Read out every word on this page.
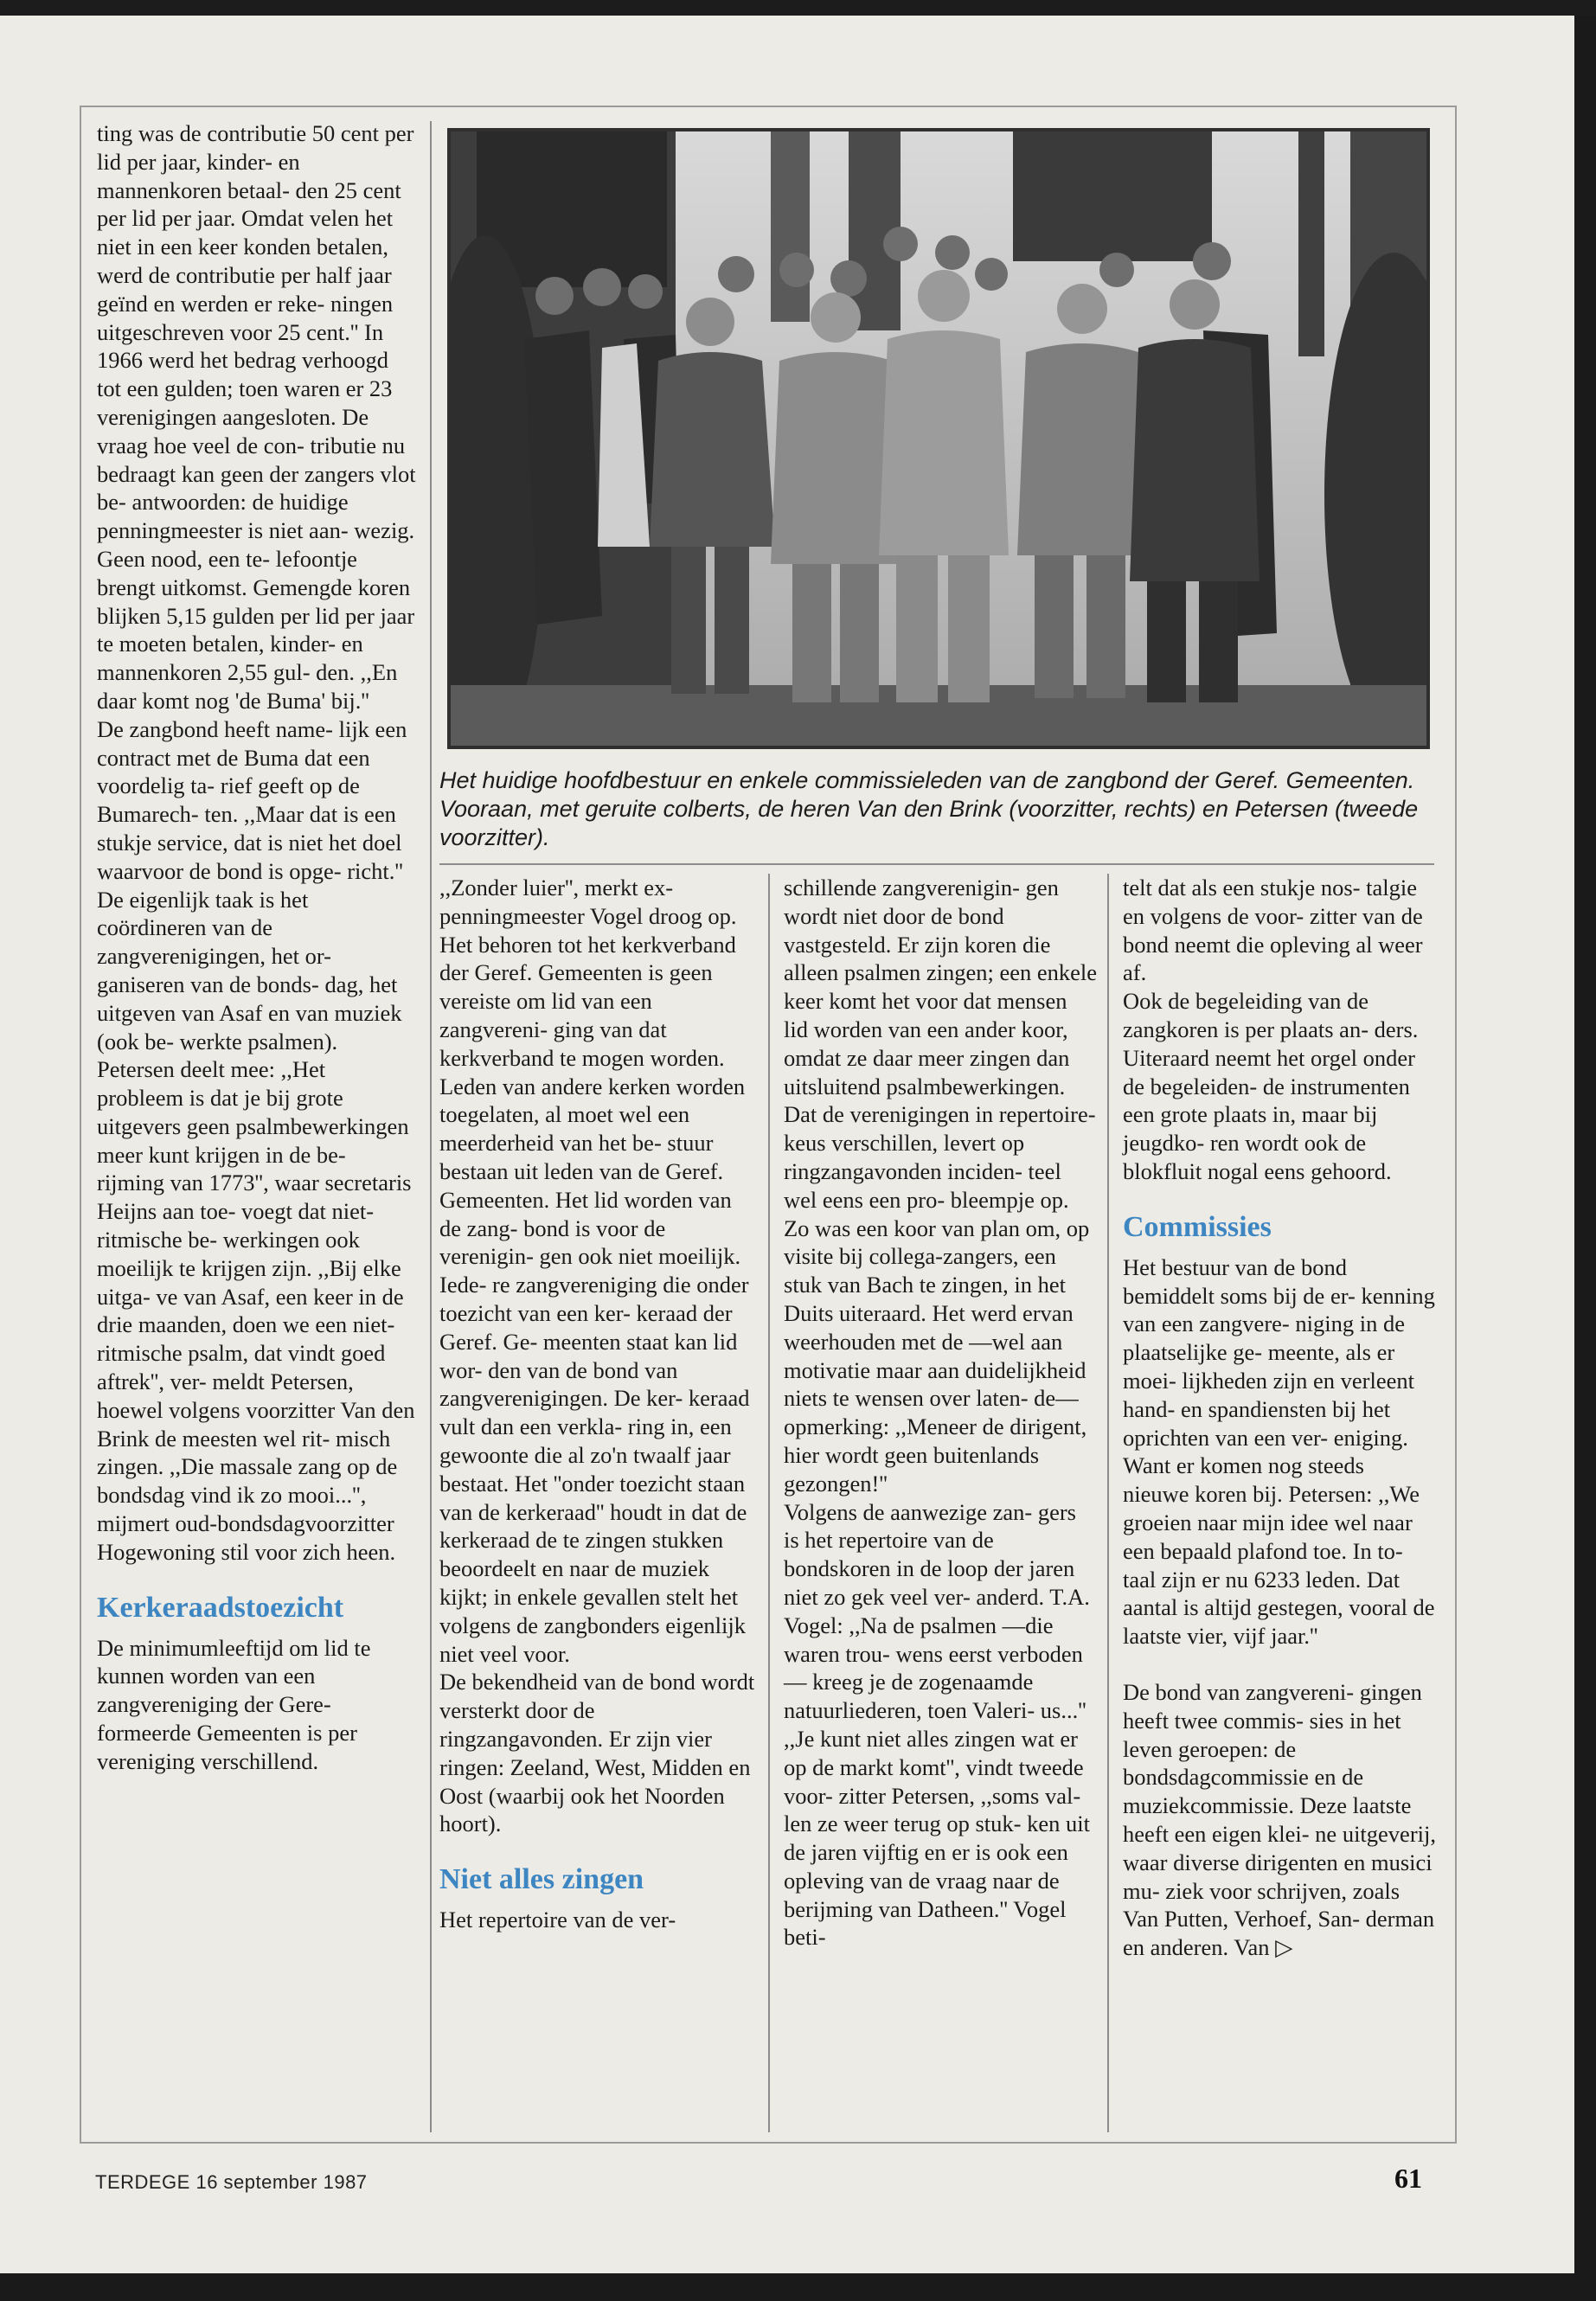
ting was de contributie 50 cent per lid per jaar, kinder- en mannenkoren betaal- den 25 cent per lid per jaar. Omdat velen het niet in een keer konden betalen, werd de contributie per half jaar geïnd en werden er reke- ningen uitgeschreven voor 25 cent.'' In 1966 werd het bedrag verhoogd tot een gulden; toen waren er 23 verenigingen aangesloten. De vraag hoe veel de con- tributie nu bedraagt kan geen der zangers vlot be- antwoorden: de huidige penningmeester is niet aan- wezig. Geen nood, een te- lefoontje brengt uitkomst. Gemengde koren blijken 5,15 gulden per lid per jaar te moeten betalen, kinder- en mannenkoren 2,55 gul- den. ,,En daar komt nog 'de Buma' bij.''

De zangbond heeft name- lijk een contract met de Buma dat een voordelig ta- rief geeft op de Bumarech- ten. ,,Maar dat is een stukje service, dat is niet het doel waarvoor de bond is opge- richt.'' De eigenlijk taak is het coördineren van de zangverenigingen, het or- ganiseren van de bonds- dag, het uitgeven van Asaf en van muziek (ook be- werkte psalmen). Petersen deelt mee: ,,Het probleem is dat je bij grote uitgevers geen psalmbewerkingen meer kunt krijgen in de be- rijming van 1773'', waar secretaris Heijns aan toe- voegt dat niet-ritmische be- werkingen ook moeilijk te krijgen zijn. ,,Bij elke uitga- ve van Asaf, een keer in de drie maanden, doen we een niet-ritmische psalm, dat vindt goed aftrek'', ver- meldt Petersen, hoewel volgens voorzitter Van den Brink de meesten wel rit- misch zingen. ,,Die massale zang op de bondsdag vind ik zo mooi...'', mijmert oud-bondsdagvoorzitter Hogewoning stil voor zich heen.

Kerkeraadstoezicht

De minimumleeftijd om lid te kunnen worden van een zangvereniging der Gere- formeerde Gemeenten is per vereniging verschillend.

,,Zonder luier'', merkt ex- penningmeester Vogel droog op. Het behoren tot het kerkverband der Geref. Gemeenten is geen vereiste om lid van een zangvereni- ging van dat kerkverband te mogen worden. Leden van andere kerken worden toegelaten, al moet wel een meerderheid van het be- stuur bestaan uit leden van de Geref. Gemeenten. Het lid worden van de zang- bond is voor de verenigin- gen ook niet moeilijk. Iede- re zangvereniging die onder toezicht van een ker- keraad der Geref. Ge- meenten staat kan lid wor- den van de bond van zangverenigingen. De ker- keraad vult dan een verkla- ring in, een gewoonte die al zo'n twaalf jaar bestaat. Het ''onder toezicht staan van de kerkeraad'' houdt in dat de kerkeraad de te zingen stukken beoordeelt en naar de muziek kijkt; in enkele gevallen stelt het volgens de zangbonders eigenlijk niet veel voor.

De bekendheid van de bond wordt versterkt door de ringzangavonden. Er zijn vier ringen: Zeeland, West, Midden en Oost (waarbij ook het Noorden hoort).

Niet alles zingen

Het repertoire van de ver-

schillende zangverenigin- gen wordt niet door de bond vastgesteld. Er zijn koren die alleen psalmen zingen; een enkele keer komt het voor dat mensen lid worden van een ander koor, omdat ze daar meer zingen dan uitsluitend psalmbewerkingen. Dat de verenigingen in repertoire- keus verschillen, levert op ringzangavonden inciden- teel wel eens een pro- bleempje op. Zo was een koor van plan om, op visite bij collega-zangers, een stuk van Bach te zingen, in het Duits uiteraard. Het werd ervan weerhouden met de —wel aan motivatie maar aan duidelijkheid niets te wensen over laten- de— opmerking: ,,Meneer de dirigent, hier wordt geen buitenlands gezongen!''

Volgens de aanwezige zan- gers is het repertoire van de bondskoren in de loop der jaren niet zo gek veel ver- anderd. T.A. Vogel: ,,Na de psalmen —die waren trou- wens eerst verboden— kreeg je de zogenaamde natuurliederen, toen Valeri- us...'' ,,Je kunt niet alles zingen wat er op de markt komt'', vindt tweede voor- zitter Petersen, ,,soms val- len ze weer terug op stuk- ken uit de jaren vijftig en er is ook een opleving van de vraag naar de berijming van Datheen.'' Vogel beti-

telt dat als een stukje nos- talgie en volgens de voor- zitter van de bond neemt die opleving al weer af.

Ook de begeleiding van de zangkoren is per plaats an- ders. Uiteraard neemt het orgel onder de begeleiden- de instrumenten een grote plaats in, maar bij jeugdko- ren wordt ook de blokfluit nogal eens gehoord.

Commissies

Het bestuur van de bond bemiddelt soms bij de er- kenning van een zangvere- niging in de plaatselijke ge- meente, als er moei- lijkheden zijn en verleent hand- en spandiensten bij het oprichten van een ver- eniging. Want er komen nog steeds nieuwe koren bij. Petersen: ,,We groeien naar mijn idee wel naar een bepaald plafond toe. In to- taal zijn er nu 6233 leden. Dat aantal is altijd gestegen, vooral de laatste vier, vijf jaar.''

De bond van zangvereni- gingen heeft twee commis- sies in het leven geroepen: de bondsdagcommissie en de muziekcommissie. Deze laatste heeft een eigen klei- ne uitgeverij, waar diverse dirigenten en musici mu- ziek voor schrijven, zoals Van Putten, Verhoef, San- derman en anderen. Van ▷

Het huidige hoofdbestuur en enkele commissieleden van de zangbond der Geref. Gemeenten. Vooraan, met geruite colberts, de heren Van den Brink (voorzitter, rechts) en Petersen (tweede voorzitter).
TERDEGE 16 september 1987	61
